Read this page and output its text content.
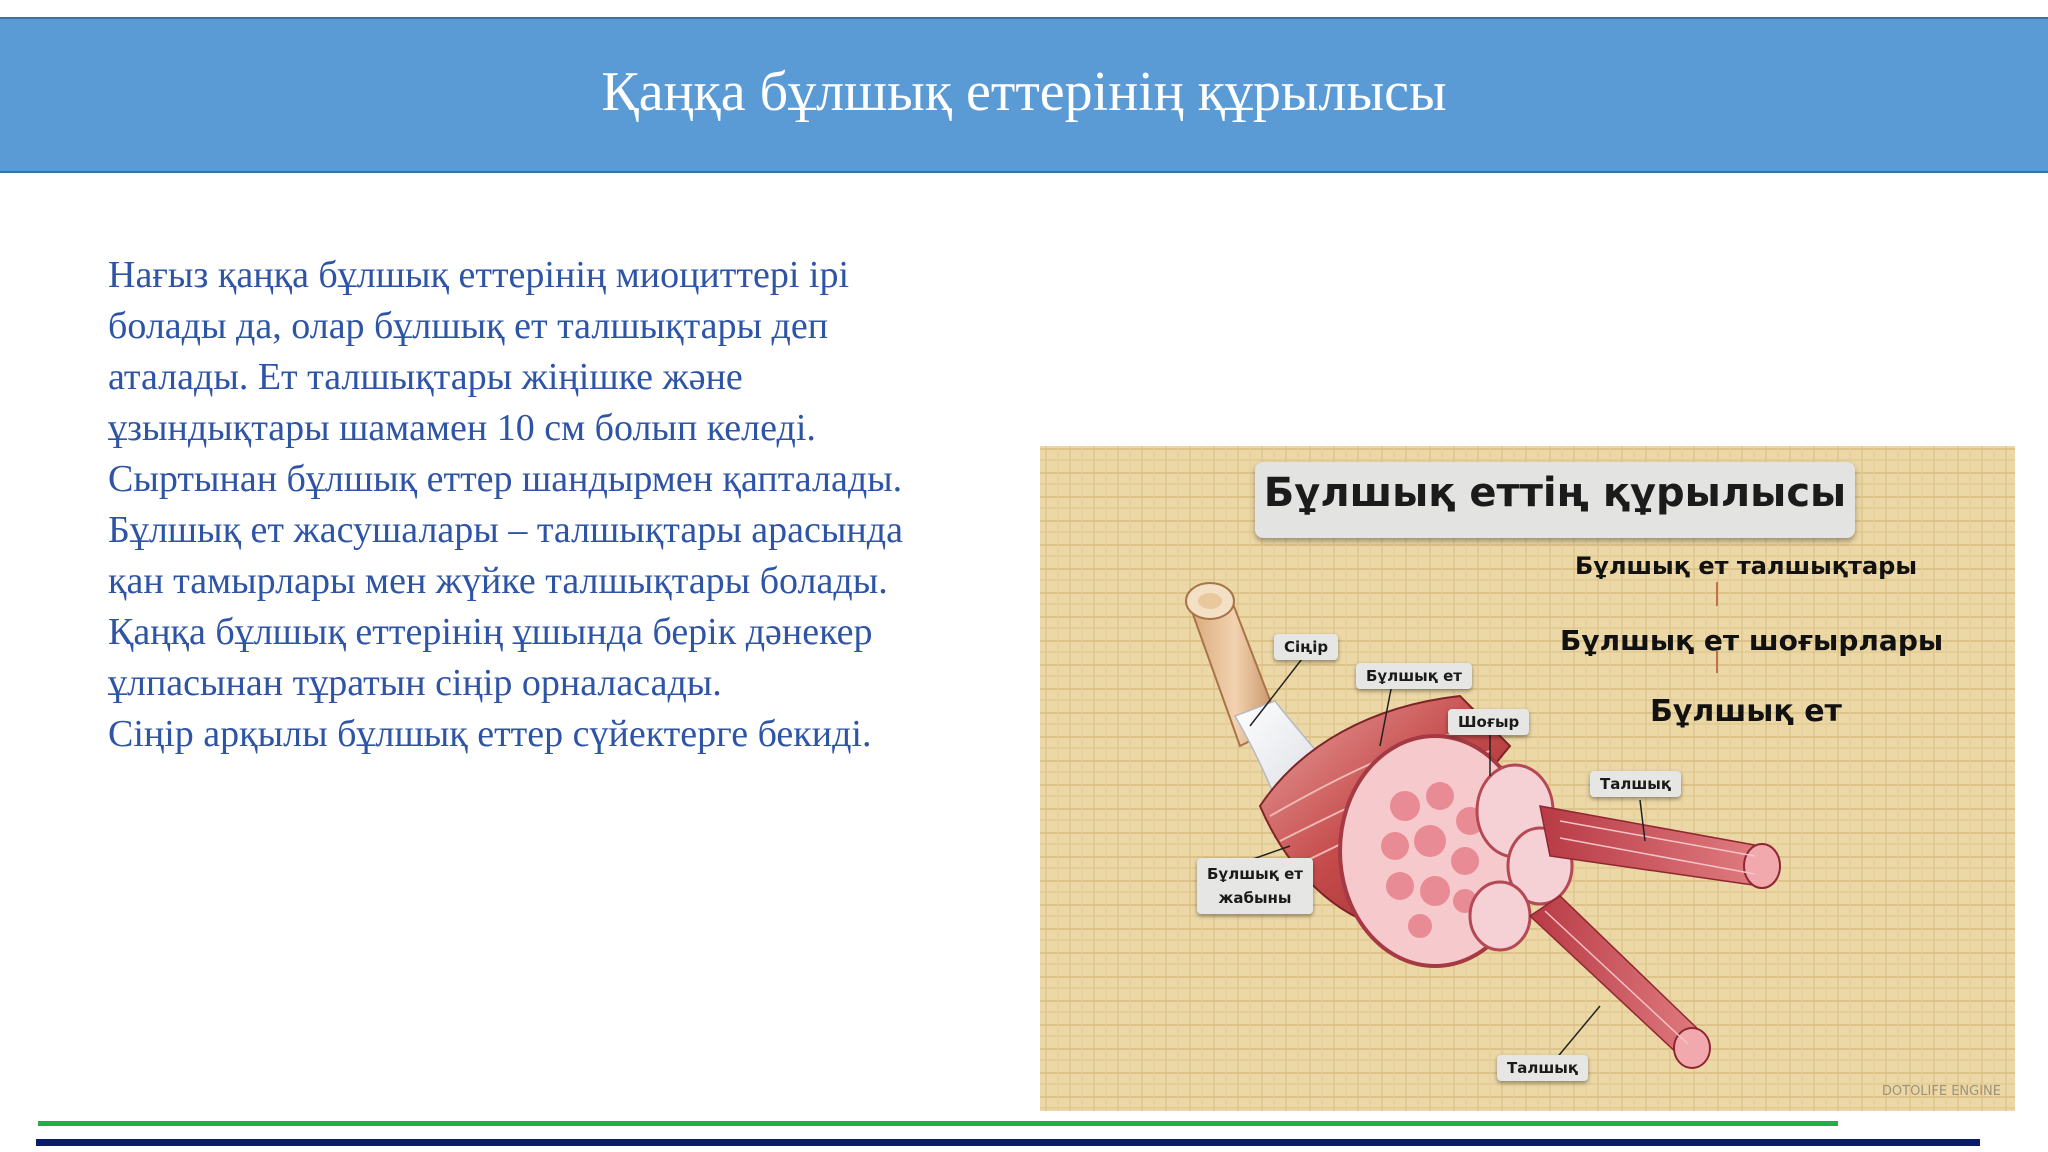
Қаңқа бұлшық еттерінің құрылысы
Нағыз қаңқа бұлшық еттерінің миоциттері ірі
болады да, олар бұлшық ет талшықтары деп
аталады. Ет талшықтары жіңішке және
ұзындықтары шамамен 10 см болып келеді.
Сыртынан бұлшық еттер шандырмен қапталады.
Бұлшық ет жасушалары – талшықтары арасында
қан тамырлары мен жүйке талшықтары болады.
Қаңқа бұлшық еттерінің ұшында берік дәнекер
ұлпасынан тұратын сіңір орналасады.
Сіңір арқылы бұлшық еттер сүйектерге бекиді.
Бұлшық еттің құрылысы
Бұлшық ет талшықтары
Бұлшық ет шоғырлары
Бұлшық ет
Сіңір
Бұлшық ет
Шоғыр
Талшық
Бұлшық ет
жабыны
Талшық
DOTOLIFE ENGINE
